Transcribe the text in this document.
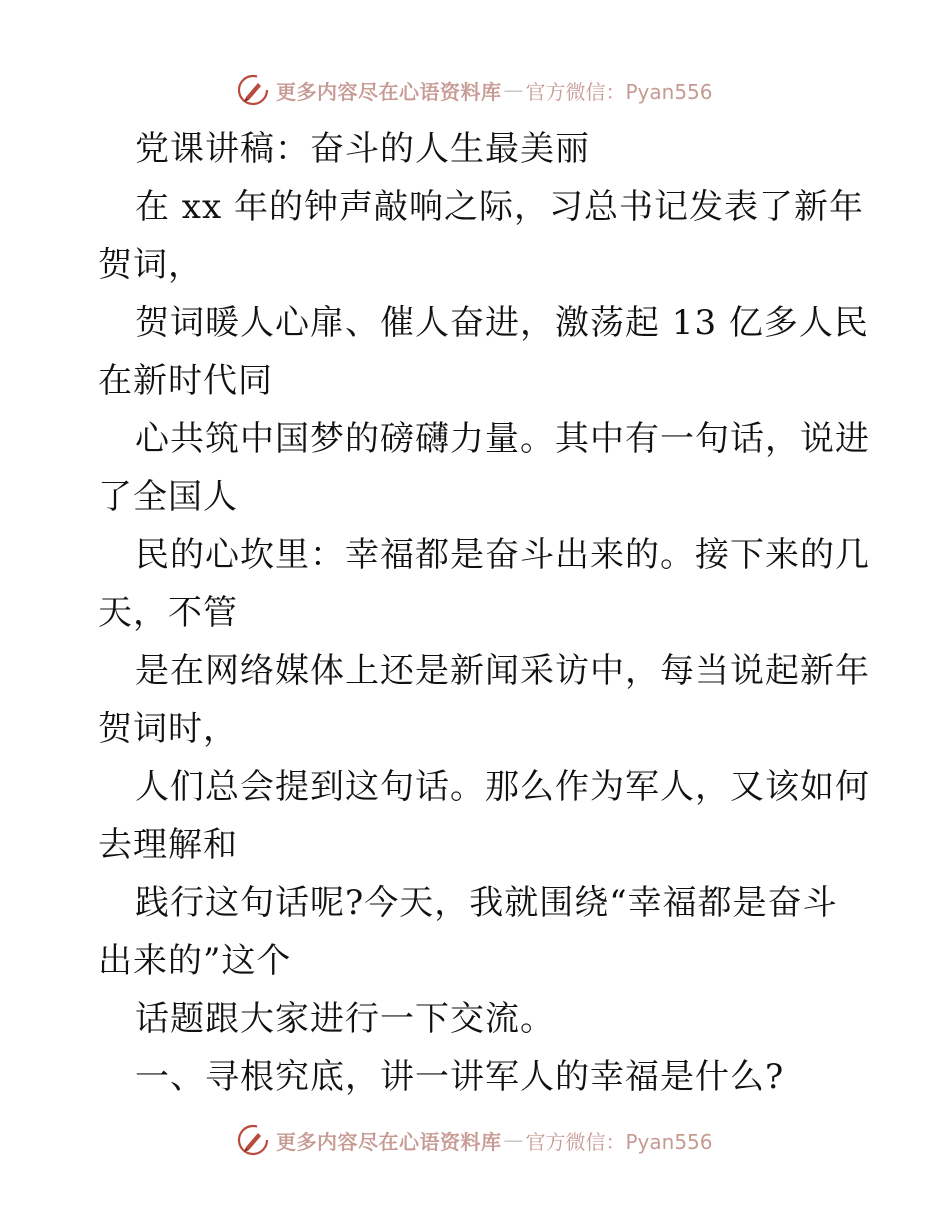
更多内容尽在心语资料库 — 官方微信：Pyan556
党课讲稿：奋斗的人生最美丽
在 xx 年的钟声敲响之际，习总书记发表了新年
贺词，
贺词暖人心扉、催人奋进，激荡起 13 亿多人民
在新时代同
心共筑中国梦的磅礴力量。其中有一句话，说进
了全国人
民的心坎里：幸福都是奋斗出来的。接下来的几
天，不管
是在网络媒体上还是新闻采访中，每当说起新年
贺词时，
人们总会提到这句话。那么作为军人，又该如何
去理解和
践行这句话呢?今天，我就围绕“幸福都是奋斗
出来的”这个
话题跟大家进行一下交流。
一、寻根究底，讲一讲军人的幸福是什么?
更多内容尽在心语资料库 — 官方微信：Pyan556
